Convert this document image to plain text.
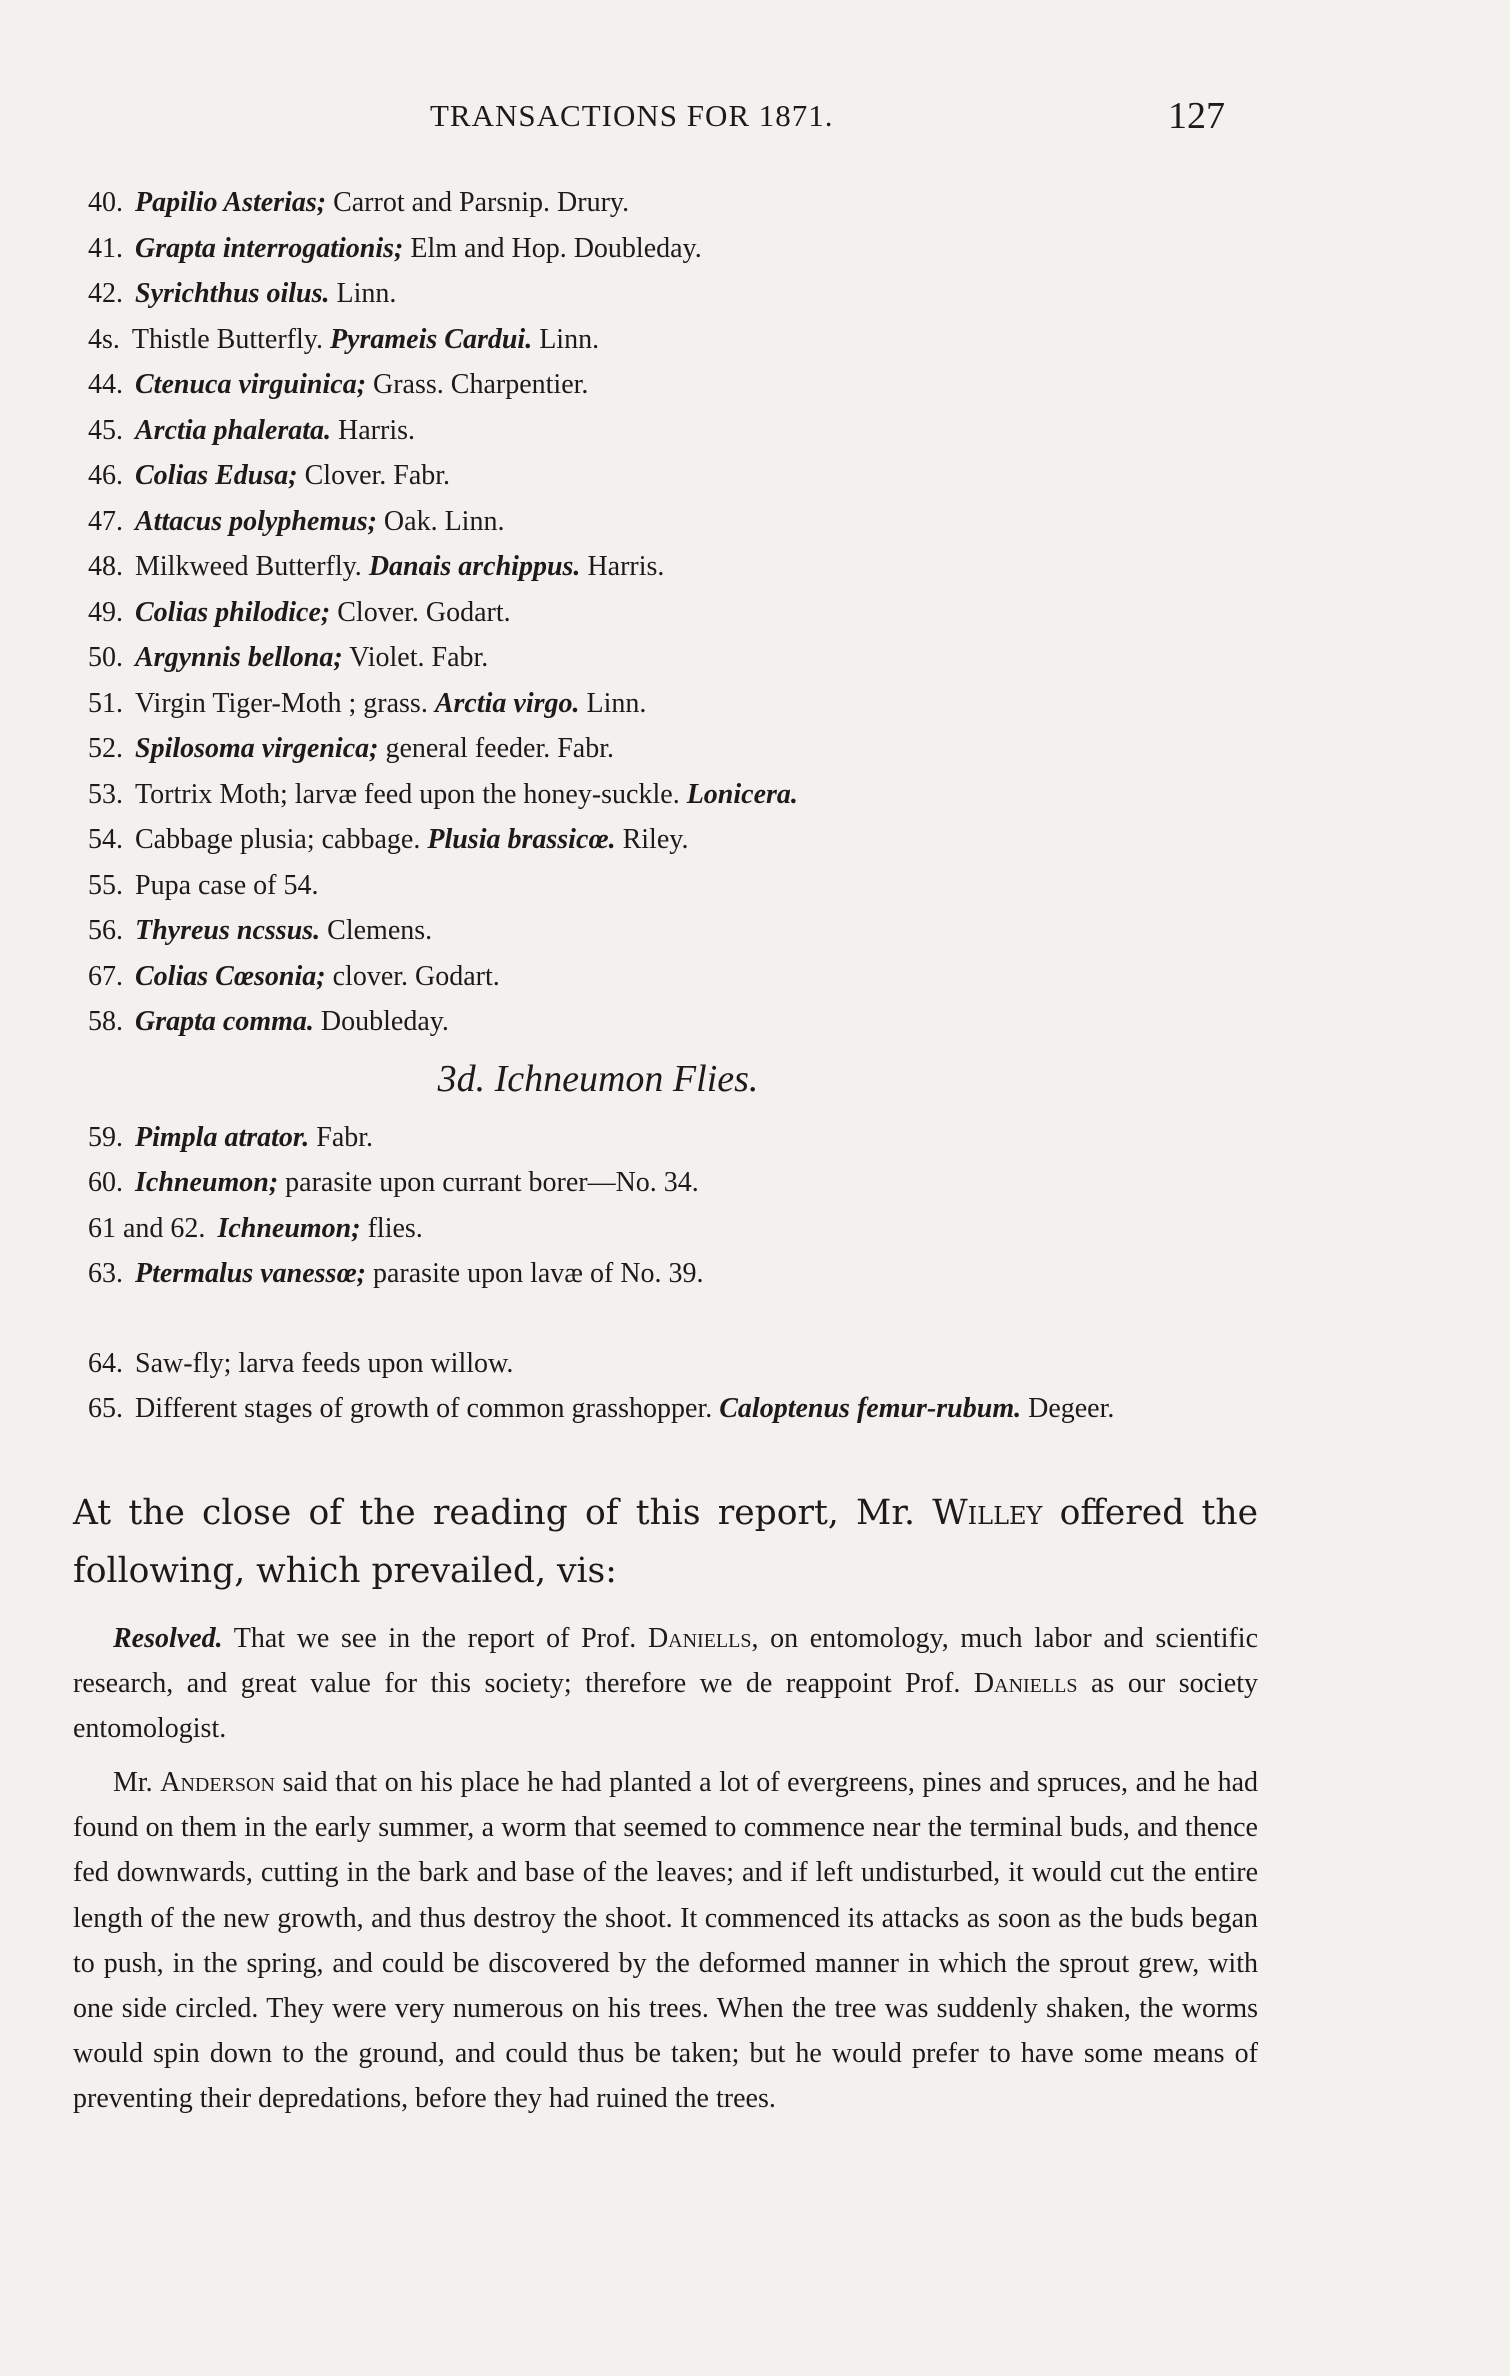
TRANSACTIONS FOR 1871.	127
40. Papilio Asterias; Carrot and Parsnip. Drury.
41. Grapta interrogationis; Elm and Hop. Doubleday.
42. Syrichthus oilus. Linn.
4s. Thistle Butterfly. Pyrameis Cardui. Linn.
44. Ctenuca virguinica; Grass. Charpentier.
45. Arctia phalerata. Harris.
46. Colias Edusa; Clover. Fabr.
47. Attacus polyphemus; Oak. Linn.
48. Milkweed Butterfly. Danais archippus. Harris.
49. Colias philodice; Clover. Godart.
50. Argynnis bellona; Violet. Fabr.
51. Virgin Tiger-Moth ; grass. Arctia virgo. Linn.
52. Spilosoma virgenica; general feeder. Fabr.
53. Tortrix Moth; larvæ feed upon the honey-suckle. Lonicera.
54. Cabbage plusia; cabbage. Plusia brassicœ. Riley.
55. Pupa case of 54.
56. Thyreus ncssus. Clemens.
67. Colias Cœsonia; clover. Godart.
58. Grapta comma. Doubleday.
3d. Ichneumon Flies.
59. Pimpla atrator. Fabr.
60. Ichneumon; parasite upon currant borer—No. 34.
61 and 62. Ichneumon; flies.
63. Ptermalus vanessœ; parasite upon lavæ of No. 39.
64. Saw-fly; larva feeds upon willow.
65. Different stages of growth of common grasshopper. Caloptenus femur-rubum. Degeer.

At the close of the reading of this report, Mr. Willey offered the following, which prevailed, vis:

Resolved. That we see in the report of Prof. Daniells, on entomology, much labor and scientific research, and great value for this society; therefore we de reappoint Prof. Daniells as our society entomologist.

Mr. Anderson said that on his place he had planted a lot of evergreens, pines and spruces, and he had found on them in the early summer, a worm that seemed to commence near the terminal buds, and thence fed downwards, cutting in the bark and base of the leaves; and if left undisturbed, it would cut the entire length of the new growth, and thus destroy the shoot. It commenced its attacks as soon as the buds began to push, in the spring, and could be discovered by the deformed manner in which the sprout grew, with one side circled. They were very numerous on his trees. When the tree was suddenly shaken, the worms would spin down to the ground, and could thus be taken; but he would prefer to have some means of preventing their depredations, before they had ruined the trees.
